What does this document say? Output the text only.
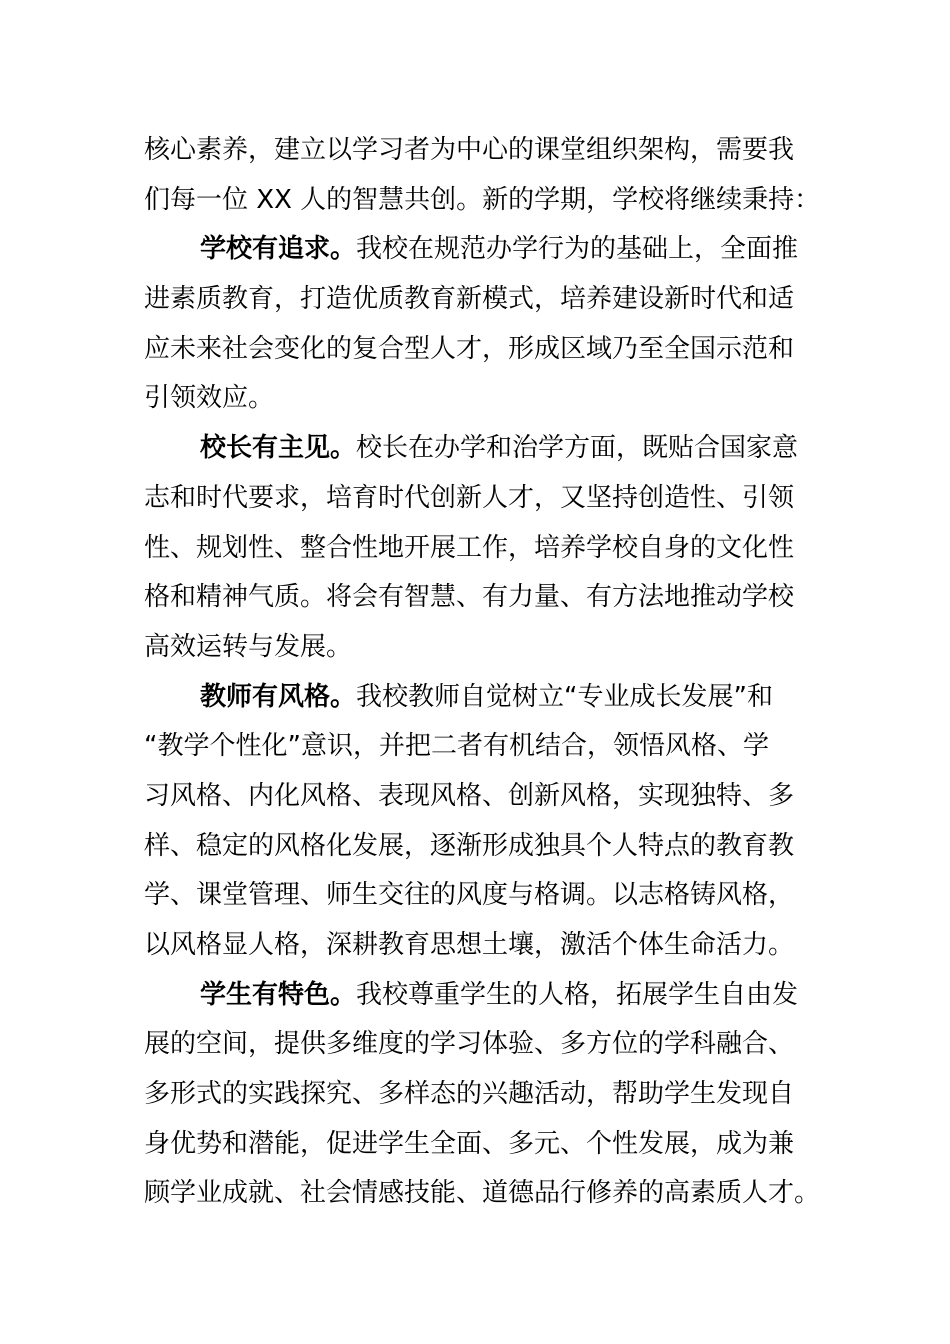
核心素养，建立以学习者为中心的课堂组织架构，需要我
们每一位 XX 人的智慧共创。新的学期，学校将继续秉持：
学校有追求。我校在规范办学行为的基础上，全面推
进素质教育，打造优质教育新模式，培养建设新时代和适
应未来社会变化的复合型人才，形成区域乃至全国示范和
引领效应。
校长有主见。校长在办学和治学方面，既贴合国家意
志和时代要求，培育时代创新人才，又坚持创造性、引领
性、规划性、整合性地开展工作，培养学校自身的文化性
格和精神气质。将会有智慧、有力量、有方法地推动学校
高效运转与发展。
教师有风格。我校教师自觉树立“专业成长发展”和
“教学个性化”意识，并把二者有机结合，领悟风格、学
习风格、内化风格、表现风格、创新风格，实现独特、多
样、稳定的风格化发展，逐渐形成独具个人特点的教育教
学、课堂管理、师生交往的风度与格调。以志格铸风格，
以风格显人格，深耕教育思想土壤，激活个体生命活力。
学生有特色。我校尊重学生的人格，拓展学生自由发
展的空间，提供多维度的学习体验、多方位的学科融合、
多形式的实践探究、多样态的兴趣活动，帮助学生发现自
身优势和潜能，促进学生全面、多元、个性发展，成为兼
顾学业成就、社会情感技能、道德品行修养的高素质人才。
